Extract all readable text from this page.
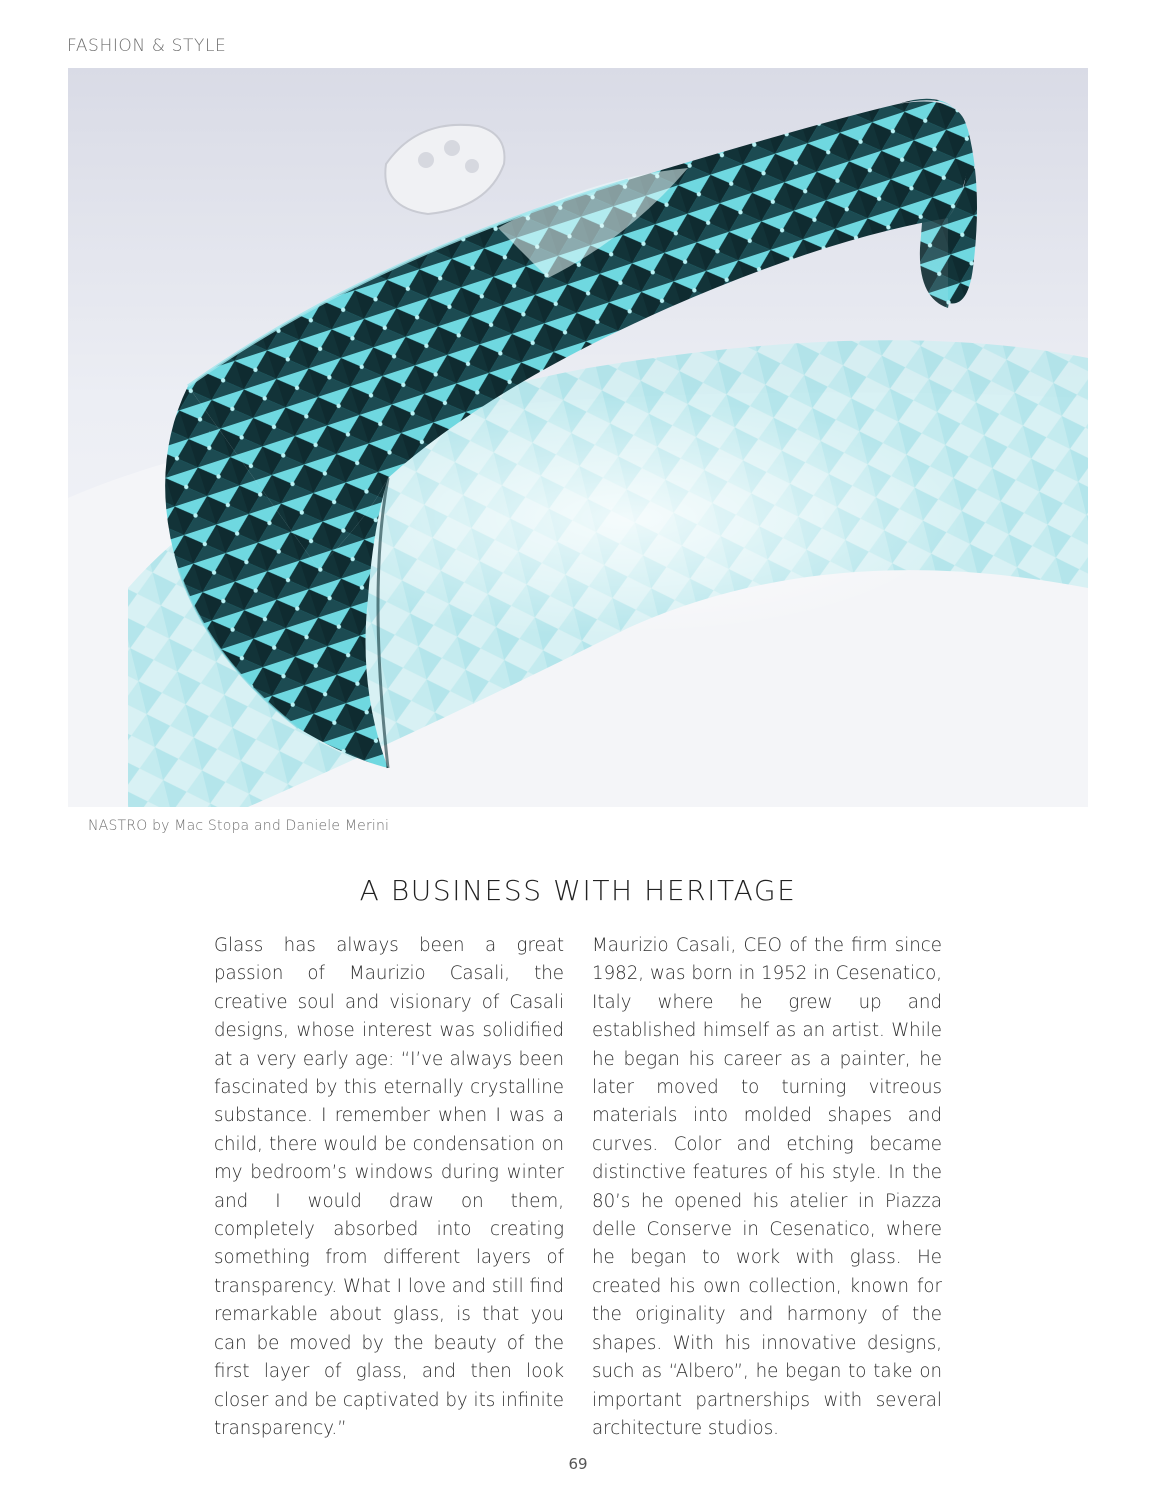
FASHION & STYLE
NASTRO by Mac Stopa and Daniele Merini
A BUSINESS WITH HERITAGE
Glass has always been a great passion of Maurizio Casali, the creative soul and visionary of Casali designs, whose interest was solidified at a very early age: “I’ve always been fascinated by this eternally crystalline substance. I remember when I was a child, there would be condensation on my bedroom’s windows during winter and I would draw on them, completely absorbed into creating something from different layers of transparency. What I love and still find remarkable about glass, is that you can be moved by the beauty of the first layer of glass, and then look closer and be captivated by its infinite transparency.”
Maurizio Casali, CEO of the firm since 1982, was born in 1952 in Cesenatico, Italy where he grew up and established himself as an artist. While he began his career as a painter, he later moved to turning vitreous materials into molded shapes and curves. Color and etching became distinctive features of his style. In the 80’s he opened his atelier in Piazza delle Conserve in Cesenatico, where he began to work with glass. He created his own collection, known for the originality and harmony of the shapes. With his innovative designs, such as “Albero”, he began to take on important partnerships with several architecture studios.
69
